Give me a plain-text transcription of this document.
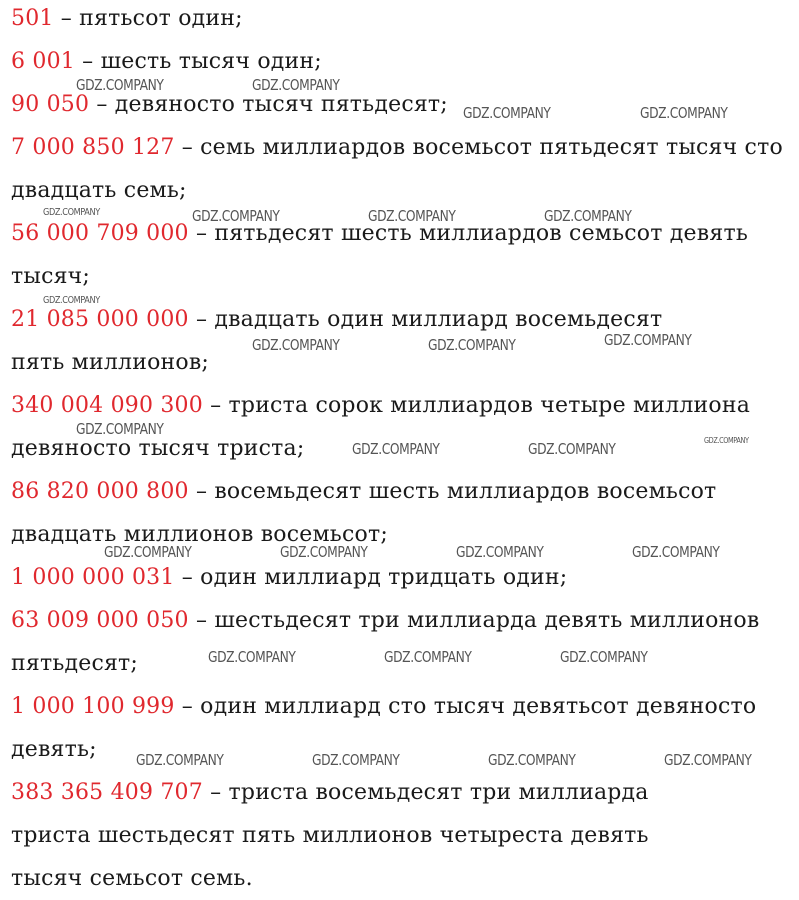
501 – пятьсот один;

6 001 – шесть тысяч один;

90 050 – девяносто тысяч пятьдесят;

7 000 850 127 – семь миллиардов восемьсот пятьдесят тысяч сто двадцать семь;

56 000 709 000 – пятьдесят шесть миллиардов семьсот девять тысяч;

21 085 000 000 – двадцать один миллиард восемьдесят пять миллионов;

340 004 090 300 – триста сорок миллиардов четыре миллиона девяносто тысяч триста;

86 820 000 800 – восемьдесят шесть миллиардов восемьсот двадцать миллионов восемьсот;

1 000 000 031 – один миллиард тридцать один;

63 009 000 050 – шестьдесят три миллиарда девять миллионов пятьдесят;

1 000 100 999 – один миллиард сто тысяч девятьсот девяносто девять;

383 365 409 707 – триста восемьдесят три миллиарда триста шестьдесят пять миллионов четыреста девять тысяч семьсот семь.

GDZ.COMPANY	GDZ.COMPANY
GDZ.COMPANY	GDZ.COMPANY
GDZ.COMPANY	GDZ.COMPANY	GDZ.COMPANY	GDZ.COMPANY
GDZ.COMPANY
GDZ.COMPANY	GDZ.COMPANY	GDZ.COMPANY
GDZ.COMPANY
GDZ.COMPANY	GDZ.COMPANY	GDZ.COMPANY
GDZ.COMPANY	GDZ.COMPANY	GDZ.COMPANY	GDZ.COMPANY
GDZ.COMPANY	GDZ.COMPANY	GDZ.COMPANY
GDZ.COMPANY	GDZ.COMPANY	GDZ.COMPANY	GDZ.COMPANY
